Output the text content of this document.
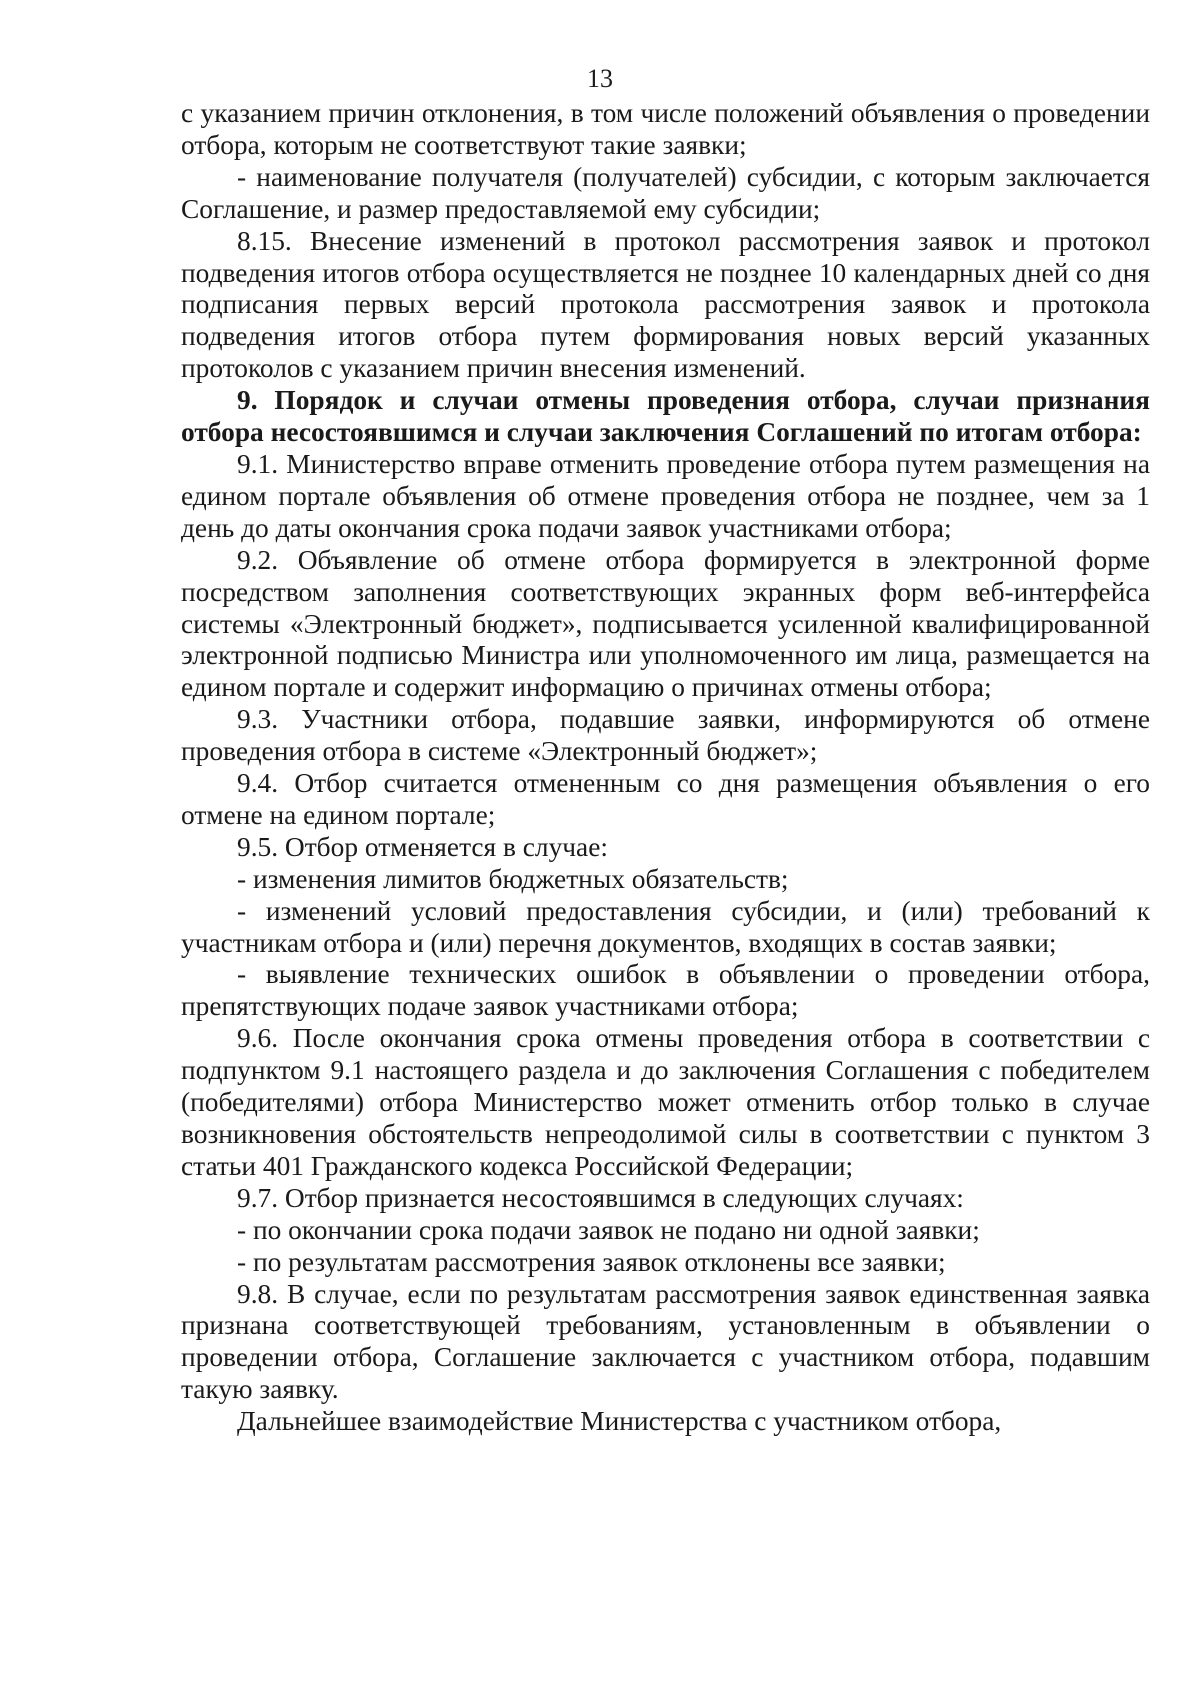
13

с указанием причин отклонения, в том числе положений объявления о проведении отбора, которым не соответствуют такие заявки;

- наименование получателя (получателей) субсидии, с которым заключается Соглашение, и размер предоставляемой ему субсидии;

8.15. Внесение изменений в протокол рассмотрения заявок и протокол подведения итогов отбора осуществляется не позднее 10 календарных дней со дня подписания первых версий протокола рассмотрения заявок и протокола подведения итогов отбора путем формирования новых версий указанных протоколов с указанием причин внесения изменений.

9. Порядок и случаи отмены проведения отбора, случаи признания отбора несостоявшимся и случаи заключения Соглашений по итогам отбора:

9.1. Министерство вправе отменить проведение отбора путем размещения на едином портале объявления об отмене проведения отбора не позднее, чем за 1 день до даты окончания срока подачи заявок участниками отбора;

9.2. Объявление об отмене отбора формируется в электронной форме посредством заполнения соответствующих экранных форм веб-интерфейса системы «Электронный бюджет», подписывается усиленной квалифицированной электронной подписью Министра или уполномоченного им лица, размещается на едином портале и содержит информацию о причинах отмены отбора;

9.3. Участники отбора, подавшие заявки, информируются об отмене проведения отбора в системе «Электронный бюджет»;

9.4. Отбор считается отмененным со дня размещения объявления о его отмене на едином портале;

9.5. Отбор отменяется в случае:

- изменения лимитов бюджетных обязательств;

- изменений условий предоставления субсидии, и (или) требований к участникам отбора и (или) перечня документов, входящих в состав заявки;

- выявление технических ошибок в объявлении о проведении отбора, препятствующих подаче заявок участниками отбора;

9.6. После окончания срока отмены проведения отбора в соответствии с подпунктом 9.1 настоящего раздела и до заключения Соглашения с победителем (победителями) отбора Министерство может отменить отбор только в случае возникновения обстоятельств непреодолимой силы в соответствии с пунктом 3 статьи 401 Гражданского кодекса Российской Федерации;

9.7. Отбор признается несостоявшимся в следующих случаях:

- по окончании срока подачи заявок не подано ни одной заявки;

- по результатам рассмотрения заявок отклонены все заявки;

9.8. В случае, если по результатам рассмотрения заявок единственная заявка признана соответствующей требованиям, установленным в объявлении о проведении отбора, Соглашение заключается с участником отбора, подавшим такую заявку.

Дальнейшее взаимодействие Министерства с участником отбора,
